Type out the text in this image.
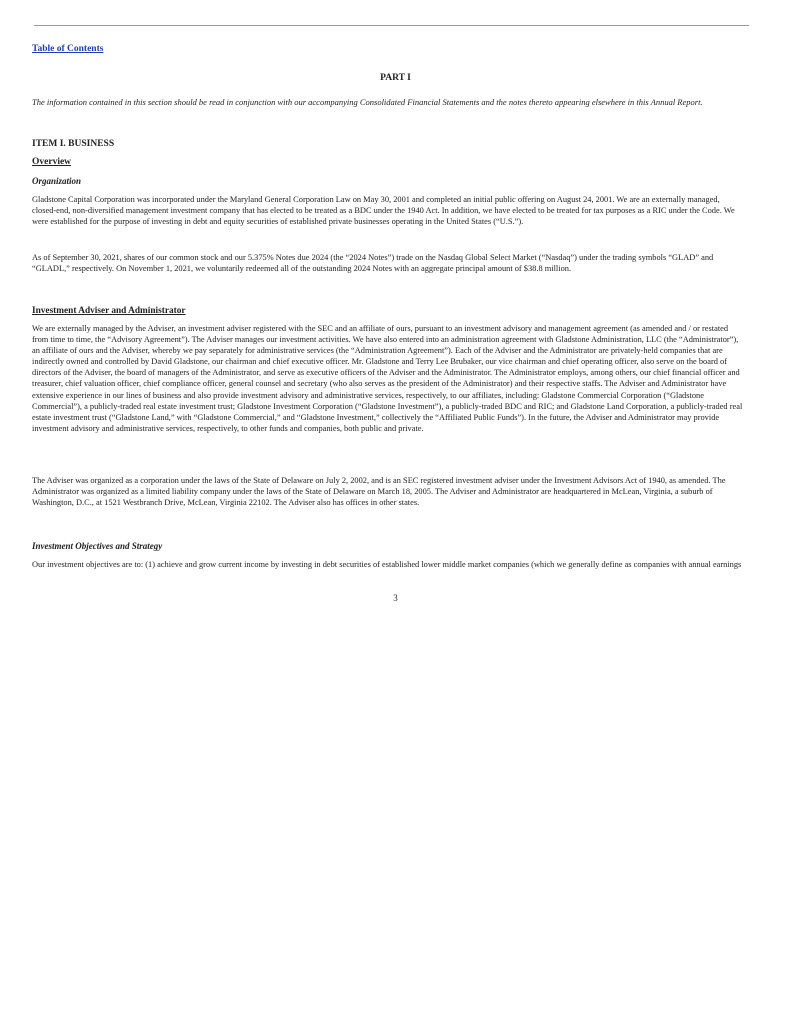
Table of Contents
PART I
The information contained in this section should be read in conjunction with our accompanying Consolidated Financial Statements and the notes thereto appearing elsewhere in this Annual Report.
ITEM I. BUSINESS
Overview
Organization
Gladstone Capital Corporation was incorporated under the Maryland General Corporation Law on May 30, 2001 and completed an initial public offering on August 24, 2001. We are an externally managed, closed-end, non-diversified management investment company that has elected to be treated as a BDC under the 1940 Act. In addition, we have elected to be treated for tax purposes as a RIC under the Code. We were established for the purpose of investing in debt and equity securities of established private businesses operating in the United States (“U.S.”).
As of September 30, 2021, shares of our common stock and our 5.375% Notes due 2024 (the “2024 Notes”) trade on the Nasdaq Global Select Market (“Nasdaq”) under the trading symbols “GLAD” and “GLADL,” respectively. On November 1, 2021, we voluntarily redeemed all of the outstanding 2024 Notes with an aggregate principal amount of $38.8 million.
Investment Adviser and Administrator
We are externally managed by the Adviser, an investment adviser registered with the SEC and an affiliate of ours, pursuant to an investment advisory and management agreement (as amended and / or restated from time to time, the “Advisory Agreement”). The Adviser manages our investment activities. We have also entered into an administration agreement with Gladstone Administration, LLC (the “Administrator”), an affiliate of ours and the Adviser, whereby we pay separately for administrative services (the “Administration Agreement”). Each of the Adviser and the Administrator are privately-held companies that are indirectly owned and controlled by David Gladstone, our chairman and chief executive officer. Mr. Gladstone and Terry Lee Brubaker, our vice chairman and chief operating officer, also serve on the board of directors of the Adviser, the board of managers of the Administrator, and serve as executive officers of the Adviser and the Administrator. The Administrator employs, among others, our chief financial officer and treasurer, chief valuation officer, chief compliance officer, general counsel and secretary (who also serves as the president of the Administrator) and their respective staffs. The Adviser and Administrator have extensive experience in our lines of business and also provide investment advisory and administrative services, respectively, to our affiliates, including: Gladstone Commercial Corporation (“Gladstone Commercial”), a publicly-traded real estate investment trust; Gladstone Investment Corporation (“Gladstone Investment”), a publicly-traded BDC and RIC; and Gladstone Land Corporation, a publicly-traded real estate investment trust (“Gladstone Land,” with “Gladstone Commercial,” and “Gladstone Investment,” collectively the “Affiliated Public Funds”). In the future, the Adviser and Administrator may provide investment advisory and administrative services, respectively, to other funds and companies, both public and private.
The Adviser was organized as a corporation under the laws of the State of Delaware on July 2, 2002, and is an SEC registered investment adviser under the Investment Advisors Act of 1940, as amended. The Administrator was organized as a limited liability company under the laws of the State of Delaware on March 18, 2005. The Adviser and Administrator are headquartered in McLean, Virginia, a suburb of Washington, D.C., at 1521 Westbranch Drive, McLean, Virginia 22102. The Adviser also has offices in other states.
Investment Objectives and Strategy
Our investment objectives are to: (1) achieve and grow current income by investing in debt securities of established lower middle market companies (which we generally define as companies with annual earnings
3
